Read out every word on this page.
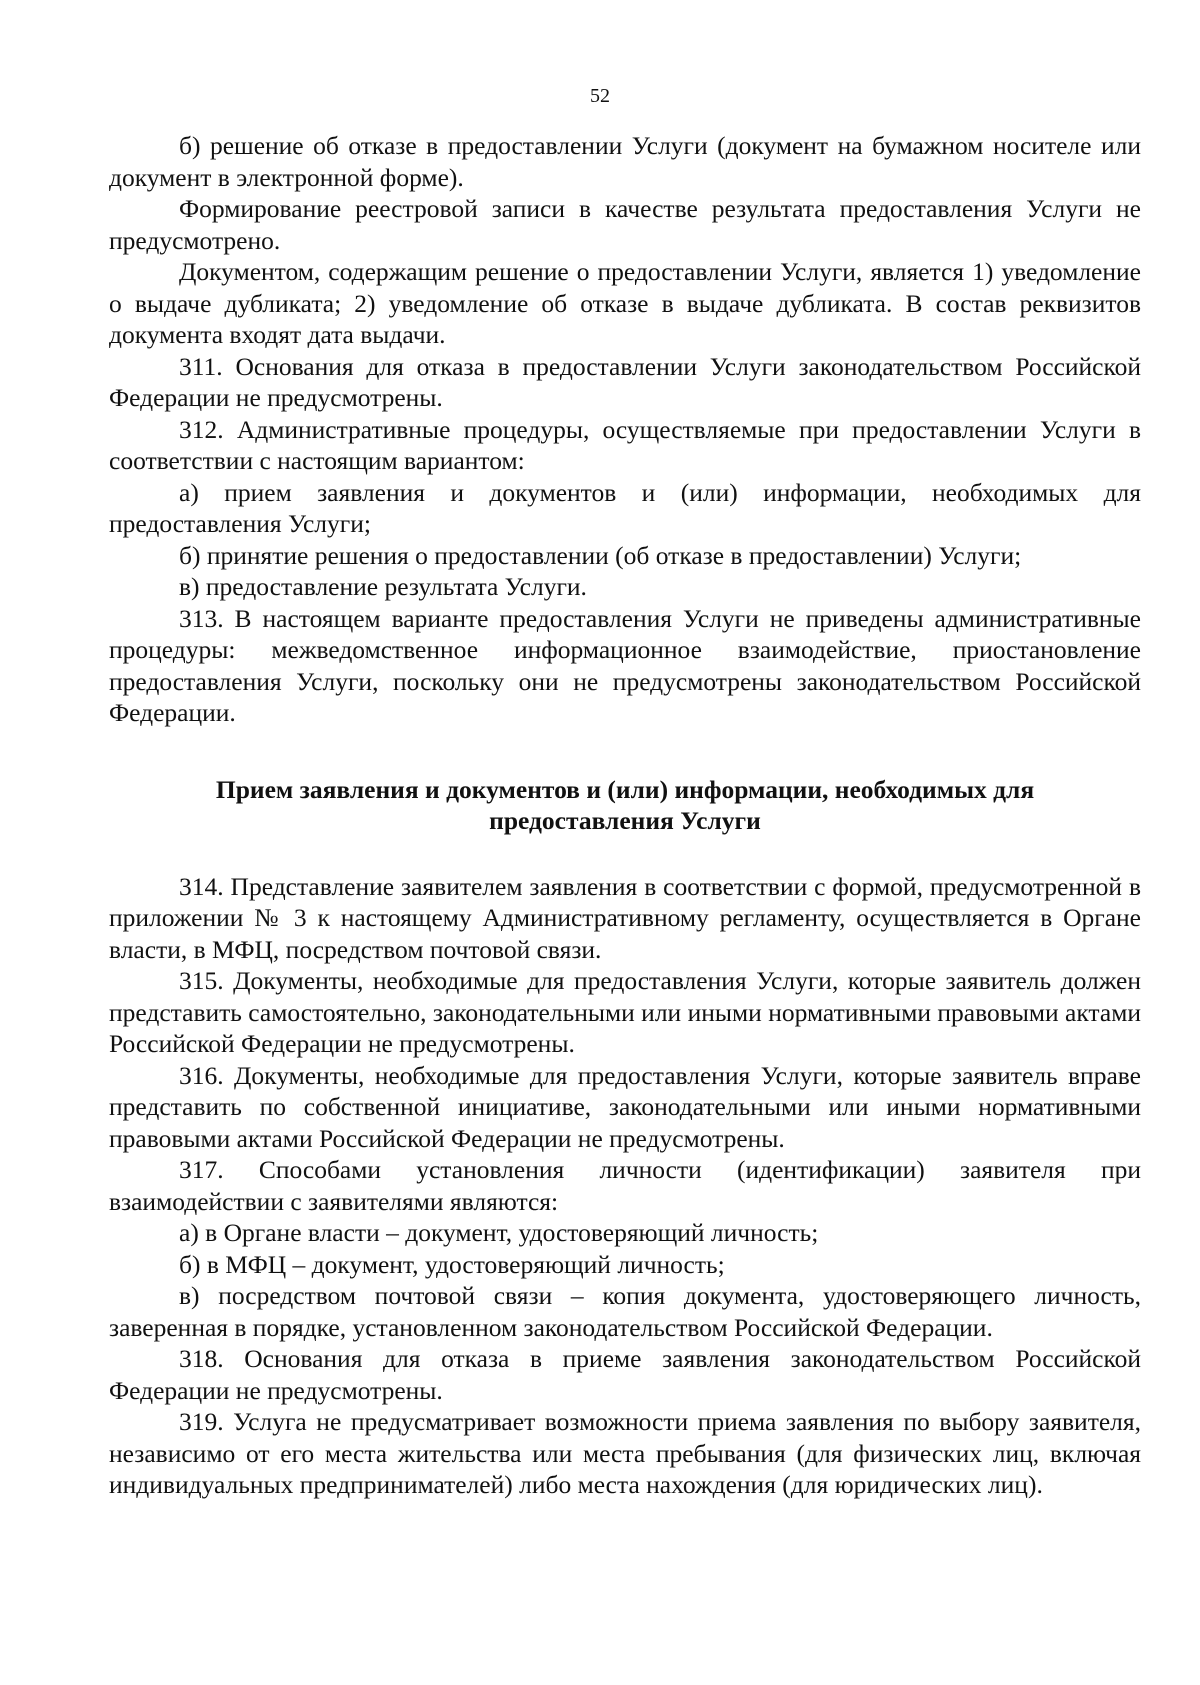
52

б) решение об отказе в предоставлении Услуги (документ на бумажном носителе или документ в электронной форме).

Формирование реестровой записи в качестве результата предоставления Услуги не предусмотрено.

Документом, содержащим решение о предоставлении Услуги, является 1) уведомление о выдаче дубликата; 2) уведомление об отказе в выдаче дубликата. В состав реквизитов документа входят дата выдачи.

311. Основания для отказа в предоставлении Услуги законодательством Российской Федерации не предусмотрены.

312. Административные процедуры, осуществляемые при предоставлении Услуги в соответствии с настоящим вариантом:

а) прием заявления и документов и (или) информации, необходимых для предоставления Услуги;

б) принятие решения о предоставлении (об отказе в предоставлении) Услуги;

в) предоставление результата Услуги.

313. В настоящем варианте предоставления Услуги не приведены административные процедуры: межведомственное информационное взаимодействие, приостановление предоставления Услуги, поскольку они не предусмотрены законодательством Российской Федерации.

Прием заявления и документов и (или) информации, необходимых для
предоставления Услуги

314. Представление заявителем заявления в соответствии с формой, предусмотренной в приложении № 3 к настоящему Административному регламенту, осуществляется в Органе власти, в МФЦ, посредством почтовой связи.

315. Документы, необходимые для предоставления Услуги, которые заявитель должен представить самостоятельно, законодательными или иными нормативными правовыми актами Российской Федерации не предусмотрены.

316. Документы, необходимые для предоставления Услуги, которые заявитель вправе представить по собственной инициативе, законодательными или иными нормативными правовыми актами Российской Федерации не предусмотрены.

317. Способами установления личности (идентификации) заявителя при взаимодействии с заявителями являются:

а) в Органе власти – документ, удостоверяющий личность;

б) в МФЦ – документ, удостоверяющий личность;

в) посредством почтовой связи – копия документа, удостоверяющего личность, заверенная в порядке, установленном законодательством Российской Федерации.

318. Основания для отказа в приеме заявления законодательством Российской Федерации не предусмотрены.

319. Услуга не предусматривает возможности приема заявления по выбору заявителя, независимо от его места жительства или места пребывания (для физических лиц, включая индивидуальных предпринимателей) либо места нахождения (для юридических лиц).
